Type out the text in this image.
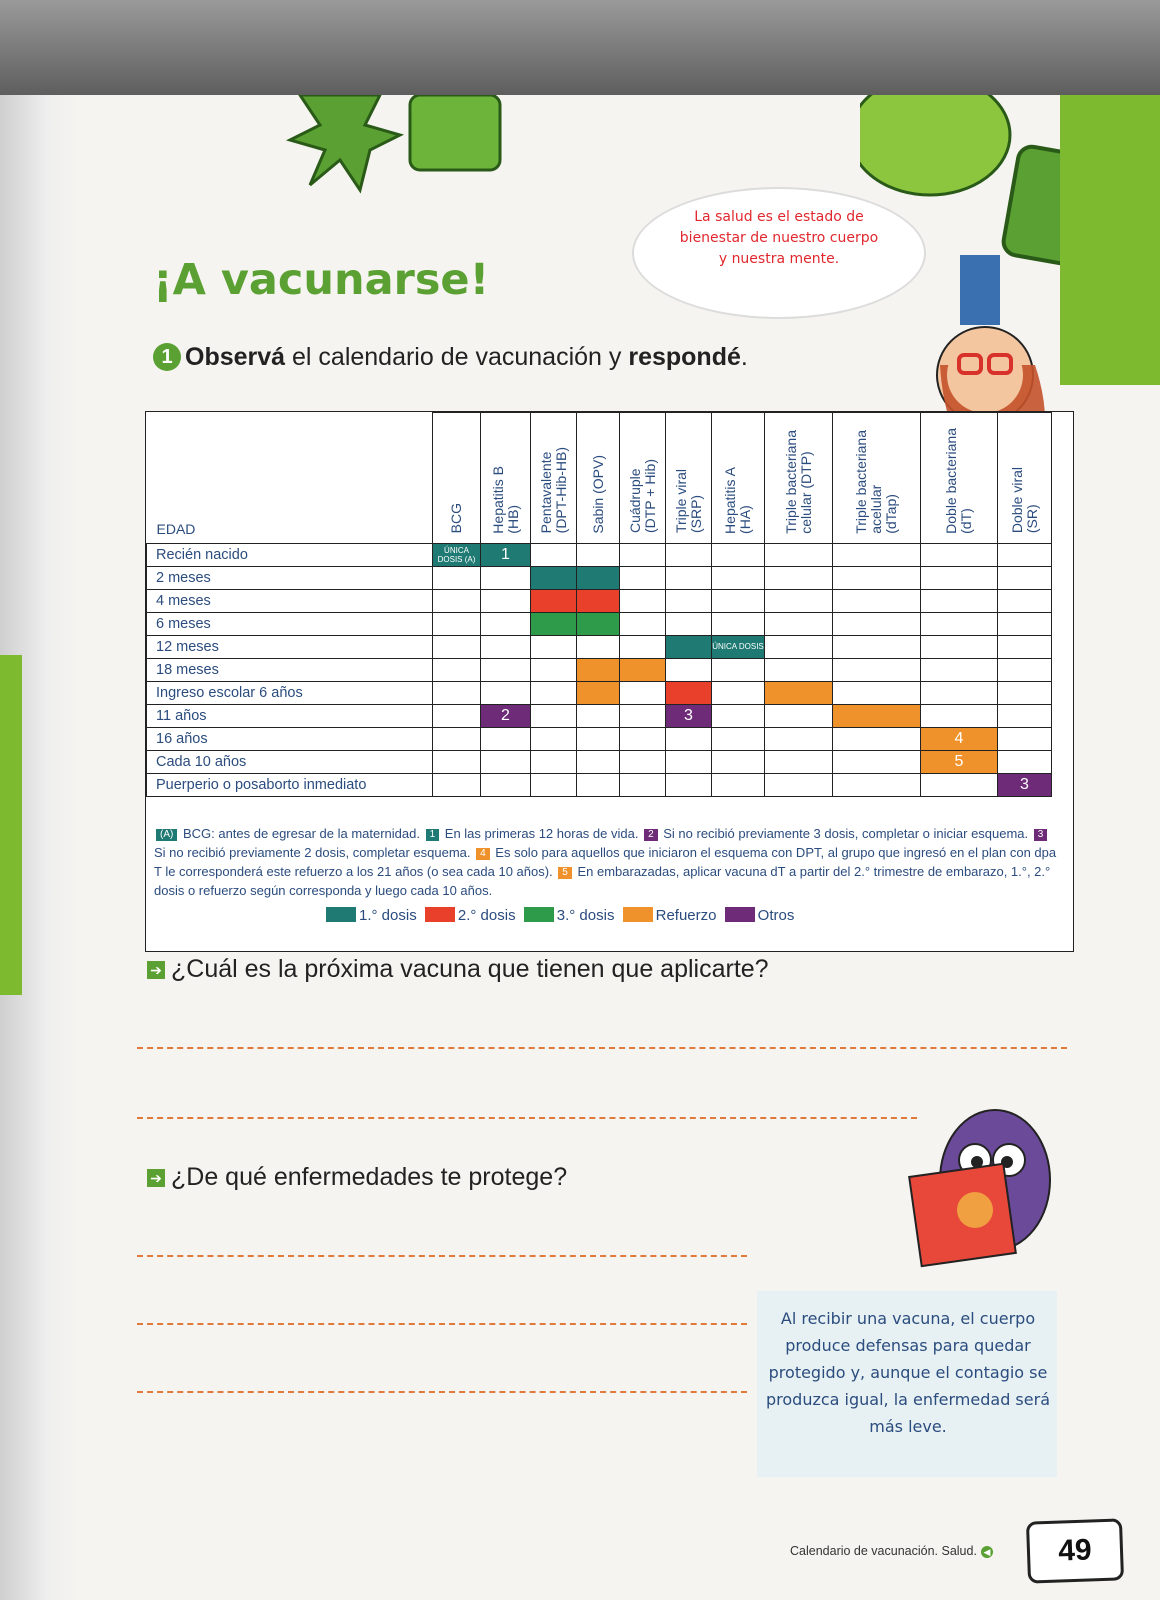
La salud es el estado de
bienestar de nuestro cuerpo
y nuestra mente.
¡A vacunarse!
1 Observá el calendario de vacunación y respondé.
EDAD	BCG	Hepatitis B
(HB)	Pentavalente
(DPT-Hib-HB)	Sabin (OPV)	Cuádruple
(DTP + Hib)	Triple viral
(SRP)	Hepatitis A
(HA)	Triple bacteriana
celular (DTP)	Triple bacteriana
acelular
(dTap)	Doble bacteriana
(dT)	Doble viral
(SR)
Recién nacido	ÚNICA DOSIS (A)	1									
2 meses											
4 meses											
6 meses											
12 meses							ÚNICA DOSIS				
18 meses											
Ingreso escolar 6 años											
11 años		2				3					
16 años										4	
Cada 10 años										5	
Puerperio o posaborto inmediato											3
(A) BCG: antes de egresar de la maternidad. 1 En las primeras 12 horas de vida. 2 Si no recibió previamente 3 dosis, completar o iniciar esquema. 3 Si no recibió previamente 2 dosis, completar esquema. 4 Es solo para aquellos que iniciaron el esquema con DPT, al grupo que ingresó en el plan con dpa T le corresponderá este refuerzo a los 21 años (o sea cada 10 años). 5 En embarazadas, aplicar vacuna dT a partir del 2.° trimestre de embarazo, 1.°, 2.° dosis o refuerzo según corresponda y luego cada 10 años.
1.° dosis	2.° dosis	3.° dosis	Refuerzo	Otros
➔ ¿Cuál es la próxima vacuna que tienen que aplicarte?
➔ ¿De qué enfermedades te protege?
Al recibir una vacuna, el cuerpo produce defensas para quedar protegido y, aunque el contagio se produzca igual, la enfermedad será más leve.
Calendario de vacunación. Salud. ◀	49
